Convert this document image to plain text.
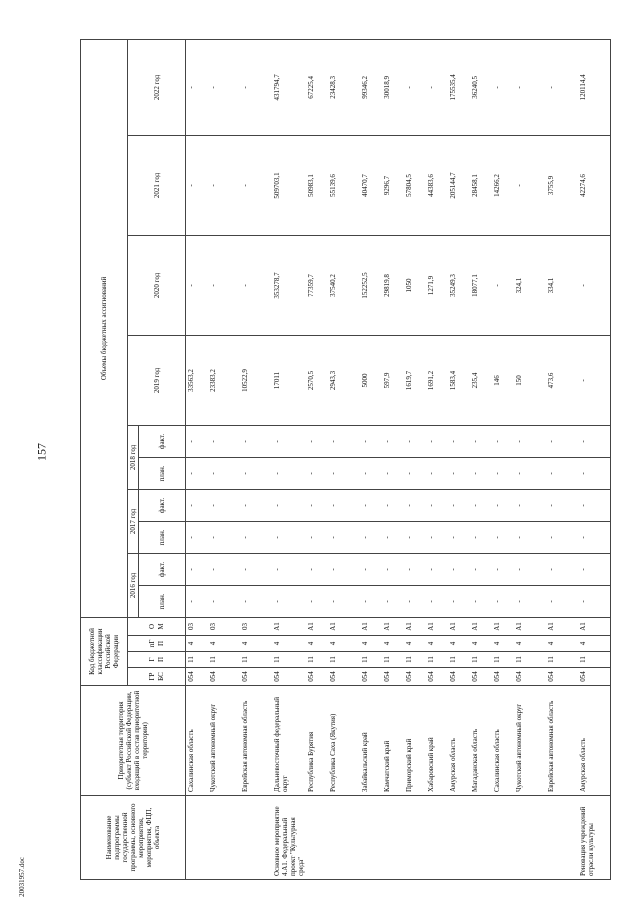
157
20031957.doc
Наименование подпрограммы государственной программы, основного мероприятия, мероприятия, ФЦП, объекта	Приоритетная территория (субъект Российской Федерации, входящий в состав приоритетной территории)	Код бюджетной классификации Российской Федерации				Объемы бюджетных ассигнований									
		ГРБС	ГП	пГП	ОМ	2016 год		2017 год		2018 год		2019 год	2020 год	2021 год	2022 год
						план.	факт.	план.	факт.	план.	факт.				
	Сахалинская область	054	11	4	03	-	-	-	-	-	-	33563,2	-	-	-
	Чукотский автономный округ	054	11	4	03	-	-	-	-	-	-	23383,2	-	-	-
	Еврейская автономная область	054	11	4	03	-	-	-	-	-	-	10522,9	-	-	-
Основное мероприятие 4.А1. Федеральный проект "Культурная среда"	Дальневосточный федеральный округ	054	11	4	А1	-	-	-	-	-	-	17011	353278,7	509703,1	431794,7
	Республика Бурятия	054	11	4	А1	-	-	-	-	-	-	2570,5	77359,7	50983,1	67225,4
	Республика Саха (Якутия)	054	11	4	А1	-	-	-	-	-	-	2943,3	37540,2	55139,6	23428,3
	Забайкальский край	054	11	4	А1	-	-	-	-	-	-	5000	152252,5	40470,7	99346,2
	Камчатский край	054	11	4	А1	-	-	-	-	-	-	597,9	29819,8	9296,7	30018,9
	Приморский край	054	11	4	А1	-	-	-	-	-	-	1619,7	1050	57804,5	-
	Хабаровский край	054	11	4	А1	-	-	-	-	-	-	1691,2	1271,9	44383,6	-
	Амурская область	054	11	4	А1	-	-	-	-	-	-	1583,4	35249,3	205144,7	175535,4
	Магаданская область	054	11	4	А1	-	-	-	-	-	-	235,4	18077,1	28458,1	36240,5
	Сахалинская область	054	11	4	А1	-	-	-	-	-	-	146	-	14266,2	-
	Чукотский автономный округ	054	11	4	А1	-	-	-	-	-	-	150	324,1	-	-
	Еврейская автономная область	054	11	4	А1	-	-	-	-	-	-	473,6	334,1	3755,9	-
Реновация учреждений отрасли культуры	Амурская область	054	11	4	А1	-	-	-	-	-	-	-	-	42274,6	120114,4
